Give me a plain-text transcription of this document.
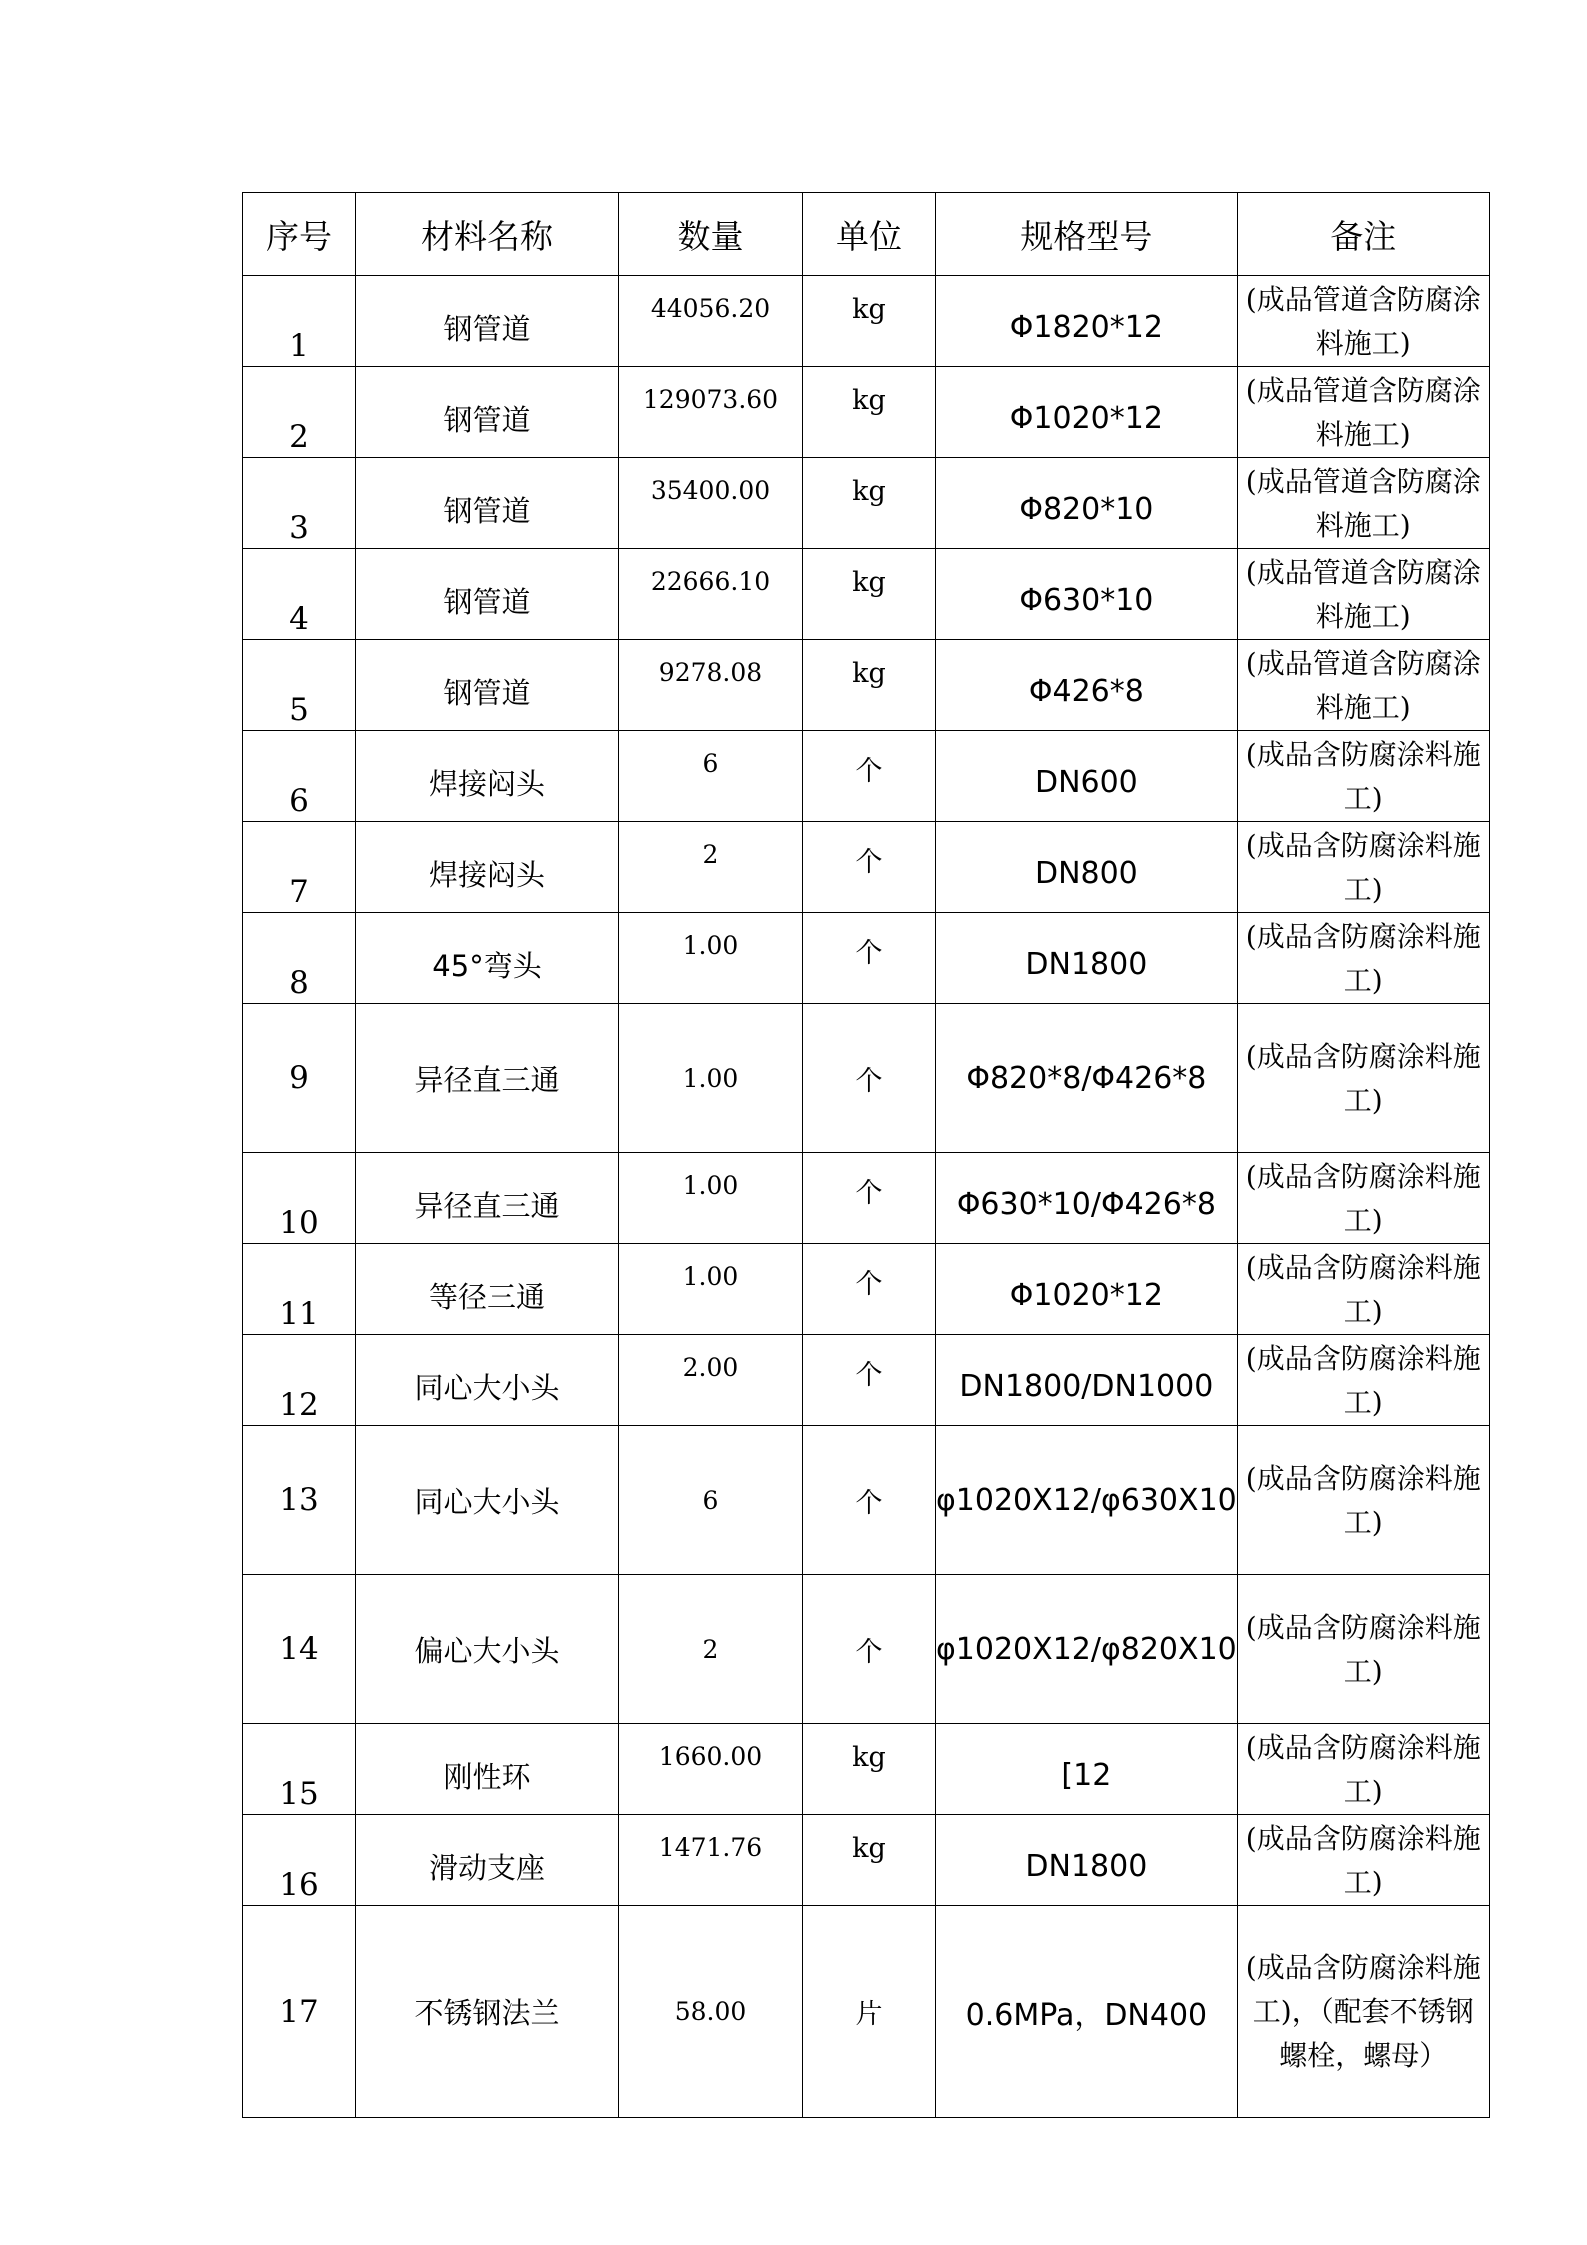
序号	材料名称	数量	单位	规格型号	备注

1	钢管道	44056.20	kg	Φ1820*12	(成品管道含防腐涂料施工)

2	钢管道	129073.60	kg	Φ1020*12	(成品管道含防腐涂料施工)

3	钢管道	35400.00	kg	Φ820*10	(成品管道含防腐涂料施工)

4	钢管道	22666.10	kg	Φ630*10	(成品管道含防腐涂料施工)

5	钢管道	9278.08	kg	Φ426*8	(成品管道含防腐涂料施工)

6	焊接闷头	6	个	DN600	(成品含防腐涂料施工)

7	焊接闷头	2	个	DN800	(成品含防腐涂料施工)

8	45°弯头	1.00	个	DN1800	(成品含防腐涂料施工)

9	异径直三通	1.00	个	Φ820*8/Φ426*8	(成品含防腐涂料施工)

10	异径直三通	1.00	个	Φ630*10/Φ426*8	(成品含防腐涂料施工)

11	等径三通	1.00	个	Φ1020*12	(成品含防腐涂料施工)

12	同心大小头	2.00	个	DN1800/DN1000	(成品含防腐涂料施工)

13	同心大小头	6	个	φ1020X12/φ630X10	(成品含防腐涂料施工)

14	偏心大小头	2	个	φ1020X12/φ820X10	(成品含防腐涂料施工)

15	刚性环	1660.00	kg	[12	(成品含防腐涂料施工)

16	滑动支座	1471.76	kg	DN1800	(成品含防腐涂料施工)

17	不锈钢法兰	58.00	片	0.6MPa，DN400	(成品含防腐涂料施工)，（配套不锈钢螺栓，螺母）
